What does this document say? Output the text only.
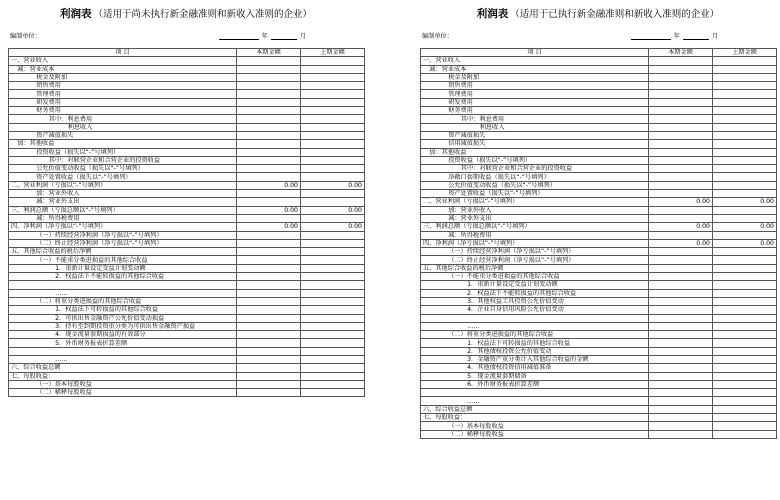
利润表 （适用于尚未执行新金融准则和新收入准则的企业）
编制单位：	年	月
项 目	本期金额	上期金额
一、营业收入		
减：营业成本		
税金及附加		
销售费用		
管理费用		
研发费用		
财务费用		
其中：利息费用		
利息收入		
资产减值损失		
加：其他收益		
投资收益（损失以“-”号填列）		
其中：对联营企业和合营企业的投资收益		
公允价值变动收益（损失以“-”号填列）		
资产处置收益（损失以“-”号填列）		
二、营业利润（亏损以“-”号填列）	0.00	0.00
加：营业外收入		
减：营业外支出		
三、利润总额（亏损总额以“-”号填列）	0.00	0.00
减：所得税费用		
四、净利润（净亏损以“-”号填列）	0.00	0.00
（一）持续经营净利润（净亏损以“-”号填列）		
（二）终止经营净利润（净亏损以“-”号填列）		
五、其他综合收益的税后净额		
（一）不能重分类进损益的其他综合收益		
1．重新计量设定受益计划变动额		
2．权益法下不能转损益的其他综合收益		

……		
（二）将重分类进损益的其他综合收益		
1．权益法下可转损益的其他综合收益		
2．可供出售金融资产公允价值变动损益		
3．持有至到期投资重分类为可供出售金融资产损益		
4．现金流量套期损益的有效部分		
5．外币财务报表折算差额		

……		
六、综合收益总额		
七、每股收益：		
（一）基本每股收益		
（二）稀释每股收益		
利润表 （适用于已执行新金融准则和新收入准则的企业）
编制单位：	年	月
项 目	本期金额	上期金额
一、营业收入		
减：营业成本		
税金及附加		
销售费用		
管理费用		
研发费用		
财务费用		
其中：利息费用		
利息收入		
资产减值损失		
信用减值损失		
加：其他收益		
投资收益（损失以“-”号填列）		
其中：对联营企业和合营企业的投资收益		
净敞口套期收益（损失以“-”号填列）		
公允价值变动收益（损失以“-”号填列）		
资产处置收益（损失以“-”号填列）		
二、营业利润（亏损以“-”号填列）	0.00	0.00
加：营业外收入		
减：营业外支出		
三、利润总额（亏损总额以“-”号填列）	0.00	0.00
减：所得税费用		
四、净利润（净亏损以“-”号填列）	0.00	0.00
（一）持续经营净利润（净亏损以“-”号填列）		
（二）终止经营净利润（净亏损以“-”号填列）		
五、其他综合收益的税后净额		
（一）不能重分类进损益的其他综合收益		
1．重新计量设定受益计划变动额		
2．权益法下不能转损益的其他综合收益		
3．其他权益工具投资公允价值变动		
4．企业自身信用风险公允价值变动		

……		
（二）将重分类进损益的其他综合收益		
1．权益法下可转损益的其他综合收益		
2．其他债权投资公允价值变动		
3．金融资产重分类计入其他综合收益的金额		
4．其他债权投资信用减值准备		
5．现金流量套期储备		
6．外币财务报表折算差额		

……		
六、综合收益总额		
七、每股收益：		
（一）基本每股收益		
（二）稀释每股收益		
